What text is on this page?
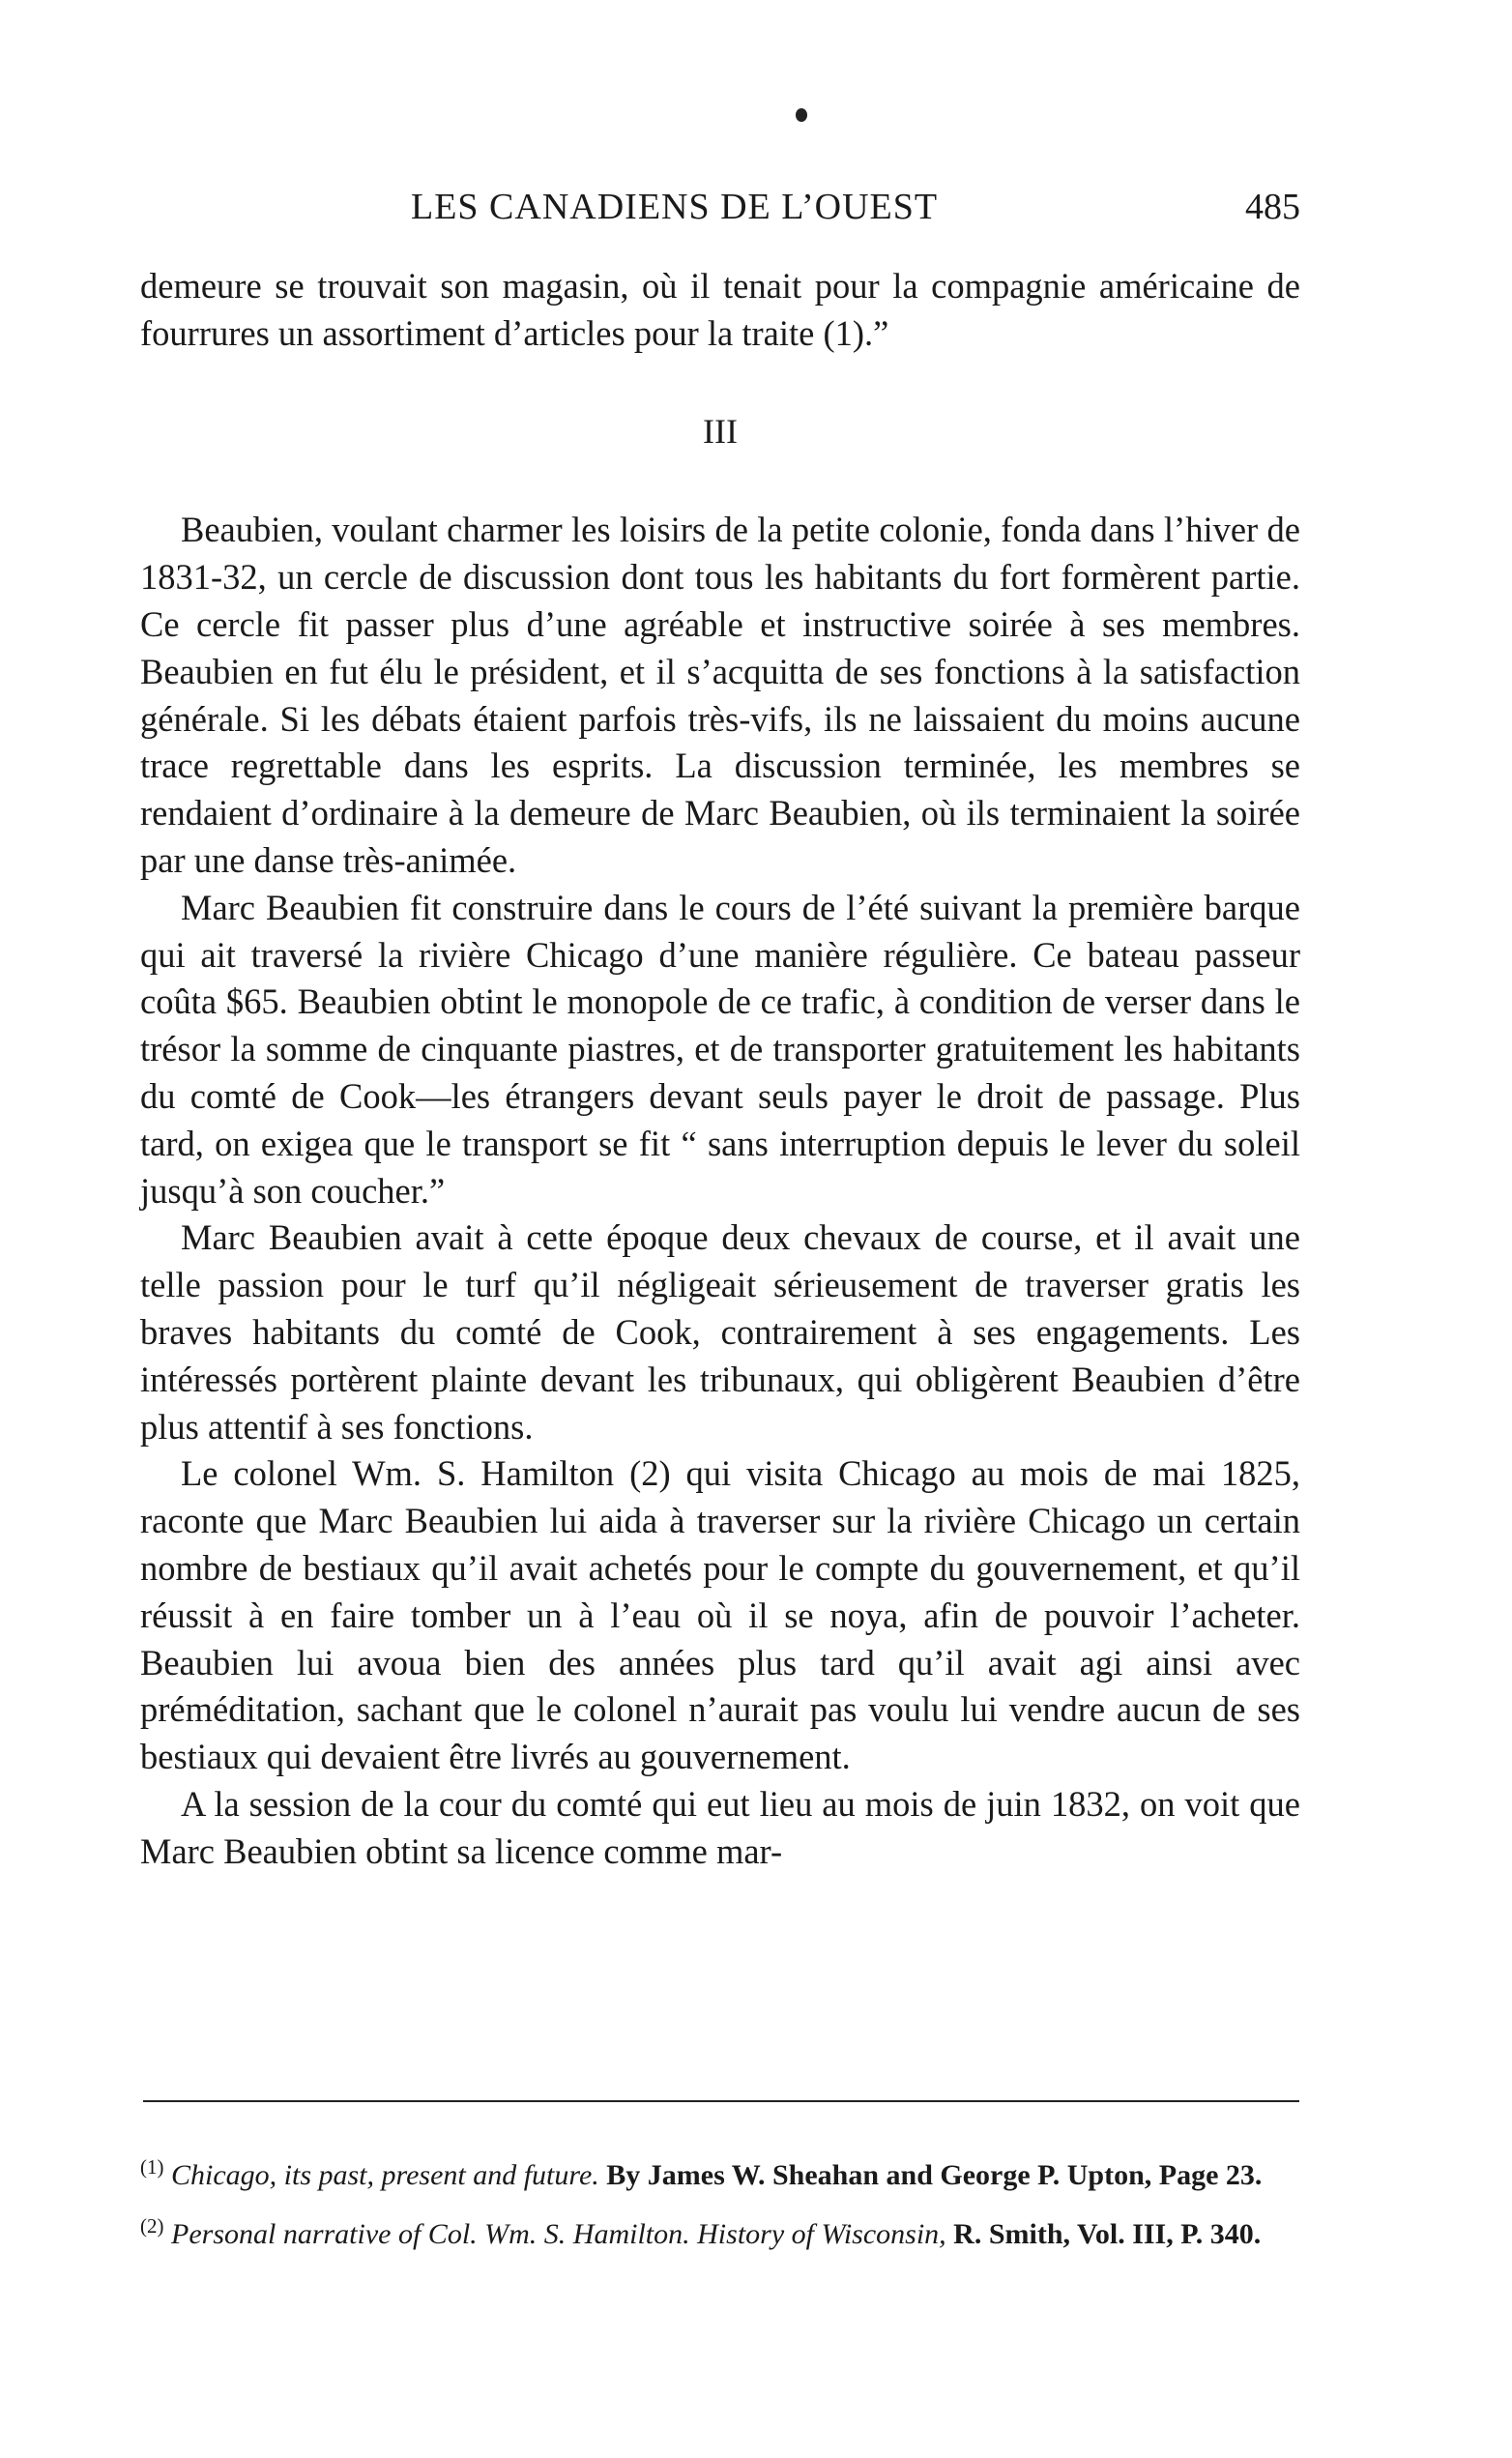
LES CANADIENS DE L’OUEST	485

demeure se trouvait son magasin, où il tenait pour la compagnie américaine de fourrures un assortiment d’articles pour la traite (1).”

III

Beaubien, voulant charmer les loisirs de la petite colonie, fonda dans l’hiver de 1831-32, un cercle de discussion dont tous les habitants du fort formèrent partie. Ce cercle fit passer plus d’une agréable et instructive soirée à ses membres. Beaubien en fut élu le président, et il s’acquitta de ses fonctions à la satisfaction générale. Si les débats étaient parfois très-vifs, ils ne laissaient du moins aucune trace regrettable dans les esprits. La discussion terminée, les membres se rendaient d’ordinaire à la demeure de Marc Beaubien, où ils terminaient la soirée par une danse très-animée.

Marc Beaubien fit construire dans le cours de l’été suivant la première barque qui ait traversé la rivière Chicago d’une manière régulière. Ce bateau passeur coûta $65. Beaubien obtint le monopole de ce trafic, à condition de verser dans le trésor la somme de cinquante piastres, et de transporter gratuitement les habitants du comté de Cook—les étrangers devant seuls payer le droit de passage. Plus tard, on exigea que le transport se fit “ sans interruption depuis le lever du soleil jusqu’à son coucher.”

Marc Beaubien avait à cette époque deux chevaux de course, et il avait une telle passion pour le turf qu’il négligeait sérieusement de traverser gratis les braves habitants du comté de Cook, contrairement à ses engagements. Les intéressés portèrent plainte devant les tribunaux, qui obligèrent Beaubien d’être plus attentif à ses fonctions.

Le colonel Wm. S. Hamilton (2) qui visita Chicago au mois de mai 1825, raconte que Marc Beaubien lui aida à traverser sur la rivière Chicago un certain nombre de bestiaux qu’il avait achetés pour le compte du gouvernement, et qu’il réussit à en faire tomber un à l’eau où il se noya, afin de pouvoir l’acheter. Beaubien lui avoua bien des années plus tard qu’il avait agi ainsi avec préméditation, sachant que le colonel n’aurait pas voulu lui vendre aucun de ses bestiaux qui devaient être livrés au gouvernement.

A la session de la cour du comté qui eut lieu au mois de juin 1832, on voit que Marc Beaubien obtint sa licence comme mar-

$^{(1)}$ Chicago, its past, present and future. By James W. Sheahan and George P. Upton, Page 23.

$^{(2)}$ Personal narrative of Col. Wm. S. Hamilton. History of Wisconsin, R. Smith, Vol. III, P. 340.
